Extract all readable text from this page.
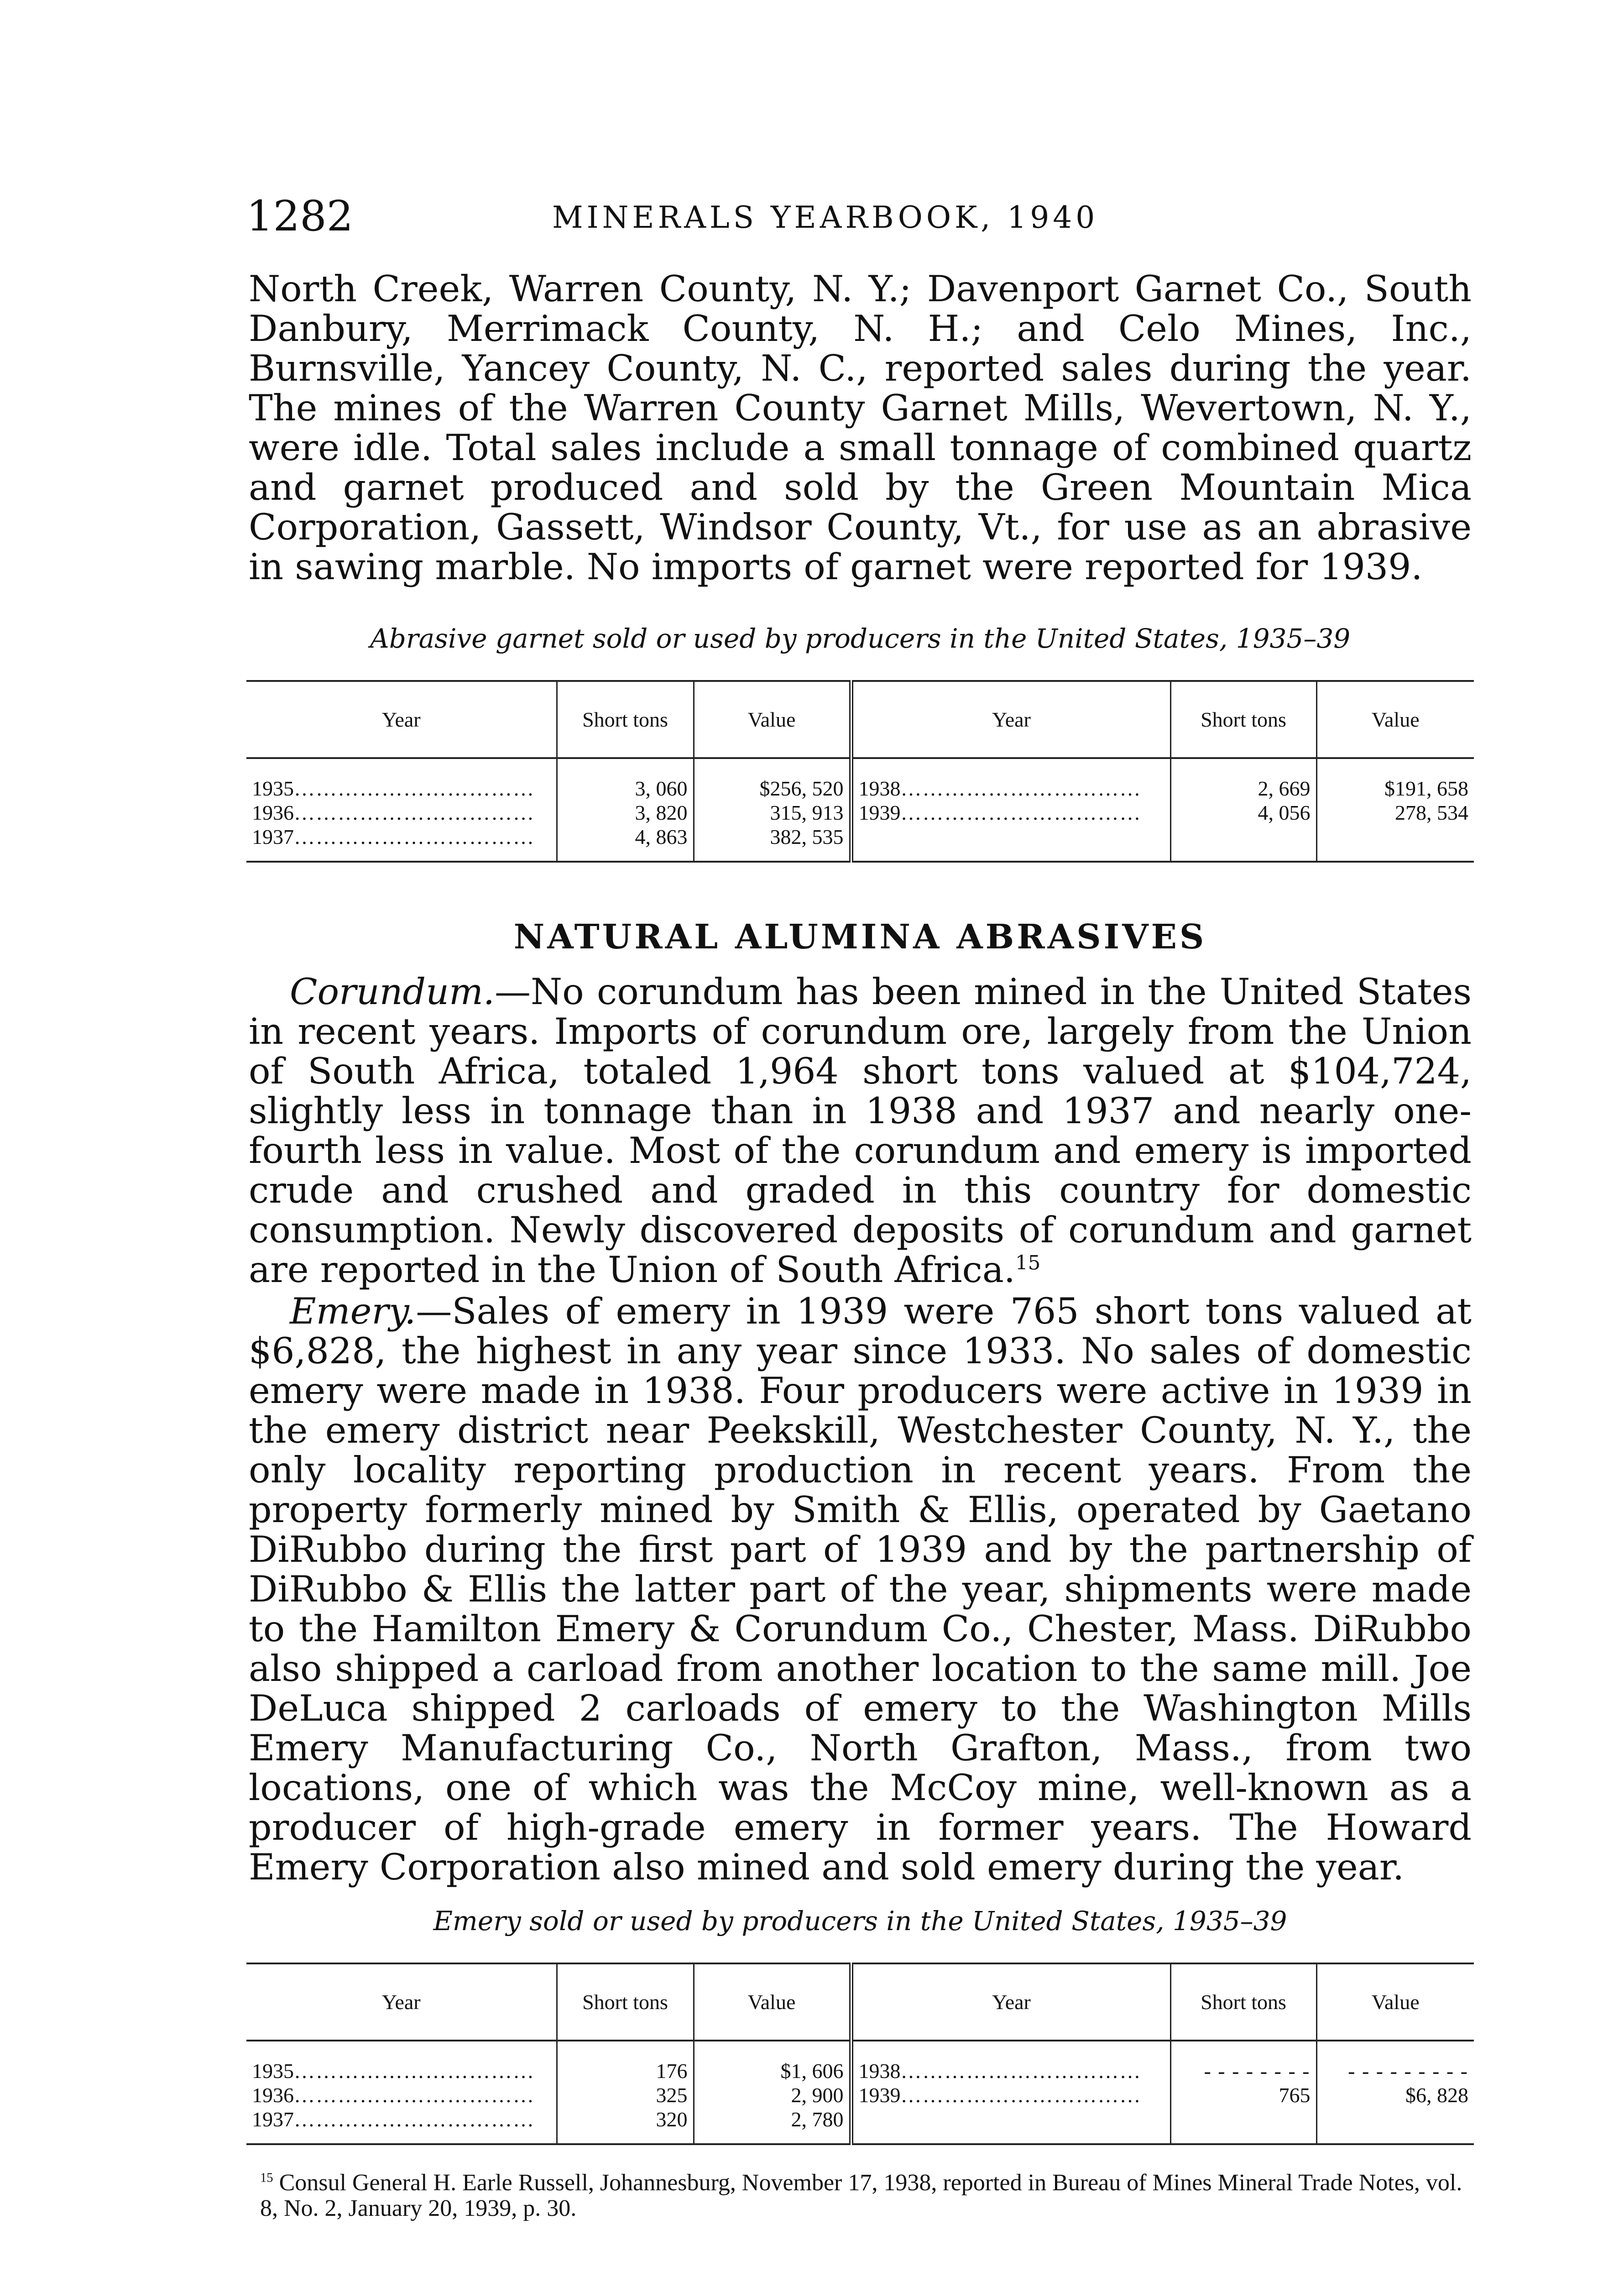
1282	MINERALS YEARBOOK, 1940

North Creek, Warren County, N. Y.; Davenport Garnet Co., South Danbury, Merrimack County, N. H.; and Celo Mines, Inc., Burnsville, Yancey County, N. C., reported sales during the year. The mines of the Warren County Garnet Mills, Wevertown, N. Y., were idle. Total sales include a small tonnage of combined quartz and garnet produced and sold by the Green Mountain Mica Corporation, Gassett, Windsor County, Vt., for use as an abrasive in sawing marble. No imports of garnet were reported for 1939.

Abrasive garnet sold or used by producers in the United States, 1935–39

Year	Short tons	Value	Year	Short tons	Value
1935……………………………	3, 060	$256, 520	1938……………………………	2, 669	$191, 658
1936……………………………	3, 820	315, 913	1939……………………………	4, 056	278, 534
1937……………………………	4, 863	382, 535			
NATURAL ALUMINA ABRASIVES

Corundum.—No corundum has been mined in the United States in recent years. Imports of corundum ore, largely from the Union of South Africa, totaled 1,964 short tons valued at $104,724, slightly less in tonnage than in 1938 and 1937 and nearly one-fourth less in value. Most of the corundum and emery is imported crude and crushed and graded in this country for domestic consumption. Newly discovered deposits of corundum and garnet are reported in the Union of South Africa.$^{15}$

Emery.—Sales of emery in 1939 were 765 short tons valued at $6,828, the highest in any year since 1933. No sales of domestic emery were made in 1938. Four producers were active in 1939 in the emery district near Peekskill, Westchester County, N. Y., the only locality reporting production in recent years. From the property formerly mined by Smith & Ellis, operated by Gaetano DiRubbo during the first part of 1939 and by the partnership of DiRubbo & Ellis the latter part of the year, shipments were made to the Hamilton Emery & Corundum Co., Chester, Mass. DiRubbo also shipped a carload from another location to the same mill. Joe DeLuca shipped 2 carloads of emery to the Washington Mills Emery Manufacturing Co., North Grafton, Mass., from two locations, one of which was the McCoy mine, well-known as a producer of high-grade emery in former years. The Howard Emery Corporation also mined and sold emery during the year.

Emery sold or used by producers in the United States, 1935–39

Year	Short tons	Value	Year	Short tons	Value
1935……………………………	176	$1, 606	1938……………………………	- - - - - - - -	- - - - - - - - -
1936……………………………	325	2, 900	1939……………………………	765	$6, 828
1937……………………………	320	2, 780			

$^{15}$ Consul General H. Earle Russell, Johannesburg, November 17, 1938, reported in Bureau of Mines Mineral Trade Notes, vol. 8, No. 2, January 20, 1939, p. 30.
